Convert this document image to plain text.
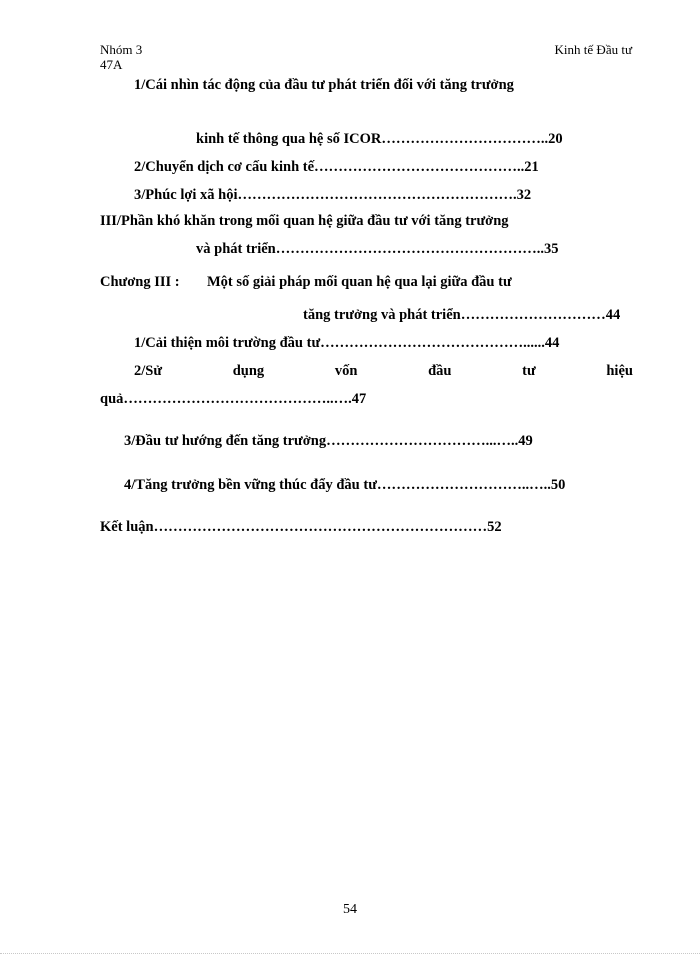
Nhóm 3
47A
Kinh tế Đầu tư
1/Cái nhìn tác động của đầu tư phát triển đối với tăng trưởng
kinh tế thông qua hệ số ICOR……………………………..20
2/Chuyển dịch cơ cấu kinh tế……………………………………..21
3/Phúc lợi xã hội………………………………………………….32
III/Phần khó khăn trong mối quan hệ giữa đầu tư với tăng trưởng
và phát triển………………………………………………..35
Chương III : Một số giải pháp mối quan hệ qua lại giữa đầu tư
tăng trưởng và phát triển…………………………44
1/Cải thiện môi trường đầu tư……………………………………......44
2/Sử	dụng	vốn	đầu	tư	hiệu
quả……………………………………..….47
3/Đầu tư hướng đến tăng trưởng……………………………...…..49
4/Tăng trưởng bền vững thúc đẩy đầu tư…………………………..…..50
Kết luận……………………………………………………………52
54
